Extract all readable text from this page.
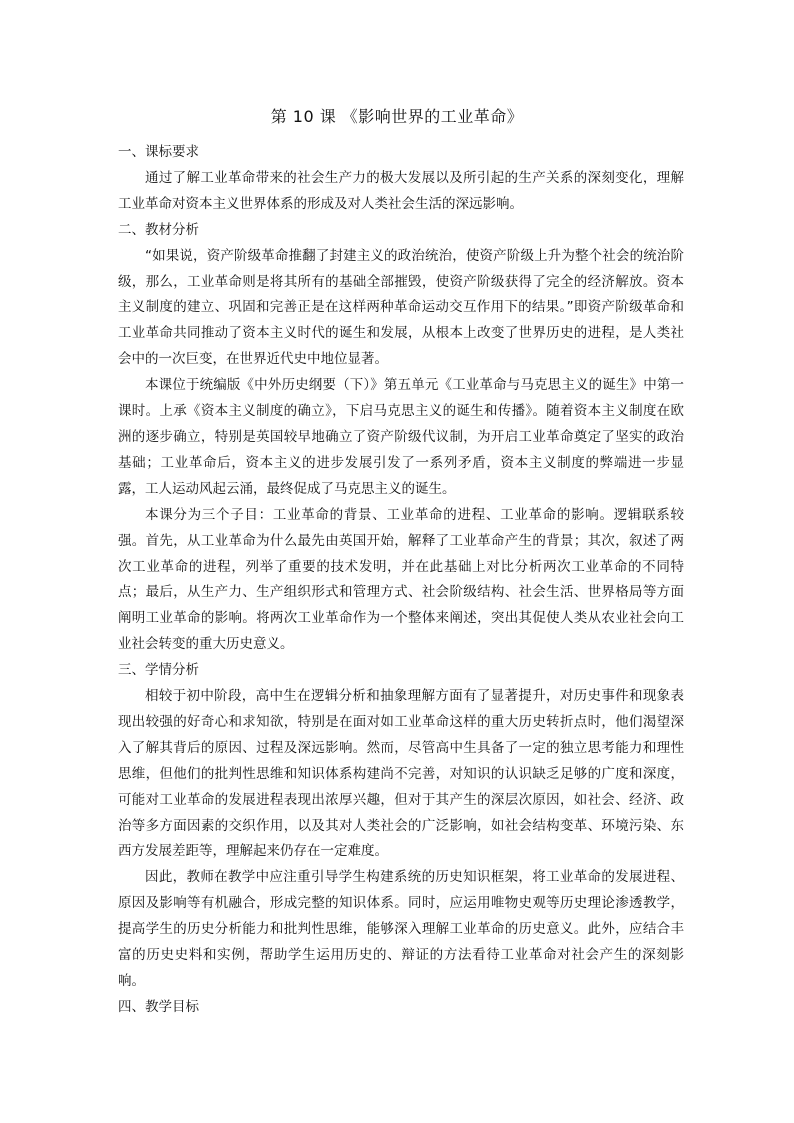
第 10 课 《影响世界的工业革命》

一、课标要求

通过了解工业革命带来的社会生产力的极大发展以及所引起的生产关系的深刻变化，理解工业革命对资本主义世界体系的形成及对人类社会生活的深远影响。

二、教材分析

“如果说，资产阶级革命推翻了封建主义的政治统治，使资产阶级上升为整个社会的统治阶级，那么，工业革命则是将其所有的基础全部摧毁，使资产阶级获得了完全的经济解放。资本主义制度的建立、巩固和完善正是在这样两种革命运动交互作用下的结果。”即资产阶级革命和工业革命共同推动了资本主义时代的诞生和发展，从根本上改变了世界历史的进程，是人类社会中的一次巨变，在世界近代史中地位显著。

本课位于统编版《中外历史纲要（下）》第五单元《工业革命与马克思主义的诞生》中第一课时。上承《资本主义制度的确立》，下启马克思主义的诞生和传播》。随着资本主义制度在欧洲的逐步确立，特别是英国较早地确立了资产阶级代议制，为开启工业革命奠定了坚实的政治基础；工业革命后，资本主义的进步发展引发了一系列矛盾，资本主义制度的弊端进一步显露，工人运动风起云涌，最终促成了马克思主义的诞生。

本课分为三个子目：工业革命的背景、工业革命的进程、工业革命的影响。逻辑联系较强。首先，从工业革命为什么最先由英国开始，解释了工业革命产生的背景；其次，叙述了两次工业革命的进程，列举了重要的技术发明，并在此基础上对比分析两次工业革命的不同特点；最后，从生产力、生产组织形式和管理方式、社会阶级结构、社会生活、世界格局等方面阐明工业革命的影响。将两次工业革命作为一个整体来阐述，突出其促使人类从农业社会向工业社会转变的重大历史意义。

三、学情分析

相较于初中阶段，高中生在逻辑分析和抽象理解方面有了显著提升，对历史事件和现象表现出较强的好奇心和求知欲，特别是在面对如工业革命这样的重大历史转折点时，他们渴望深入了解其背后的原因、过程及深远影响。然而，尽管高中生具备了一定的独立思考能力和理性思维，但他们的批判性思维和知识体系构建尚不完善，对知识的认识缺乏足够的广度和深度，可能对工业革命的发展进程表现出浓厚兴趣，但对于其产生的深层次原因，如社会、经济、政治等多方面因素的交织作用，以及其对人类社会的广泛影响，如社会结构变革、环境污染、东西方发展差距等，理解起来仍存在一定难度。

因此，教师在教学中应注重引导学生构建系统的历史知识框架，将工业革命的发展进程、原因及影响等有机融合，形成完整的知识体系。同时，应运用唯物史观等历史理论渗透教学，提高学生的历史分析能力和批判性思维，能够深入理解工业革命的历史意义。此外，应结合丰富的历史史料和实例，帮助学生运用历史的、辩证的方法看待工业革命对社会产生的深刻影响。

四、教学目标
